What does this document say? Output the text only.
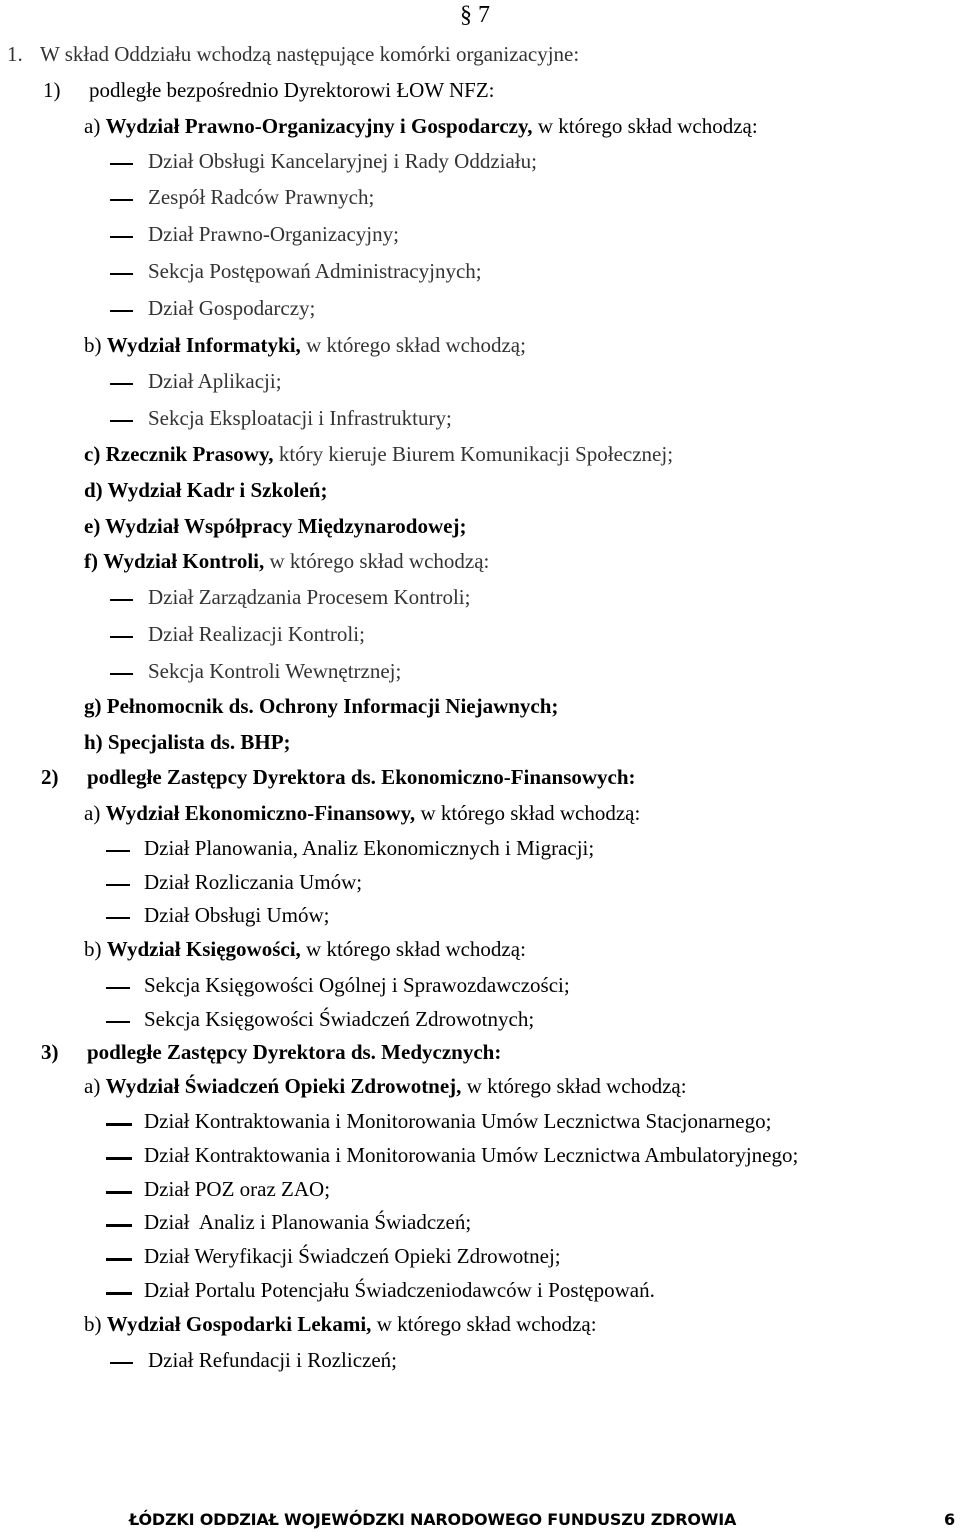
§ 7
1. W skład Oddziału wchodzą następujące komórki organizacyjne:
1) podległe bezpośrednio Dyrektorowi ŁOW NFZ:
a) Wydział Prawno-Organizacyjny i Gospodarczy, w którego skład wchodzą:
Dział Obsługi Kancelaryjnej i Rady Oddziału;
Zespół Radców Prawnych;
Dział Prawno-Organizacyjny;
Sekcja Postępowań Administracyjnych;
Dział Gospodarczy;
b) Wydział Informatyki, w którego skład wchodzą;
Dział Aplikacji;
Sekcja Eksploatacji i Infrastruktury;
c) Rzecznik Prasowy, który kieruje Biurem Komunikacji Społecznej;
d) Wydział Kadr i Szkoleń;
e) Wydział Współpracy Międzynarodowej;
f) Wydział Kontroli, w którego skład wchodzą:
Dział Zarządzania Procesem Kontroli;
Dział Realizacji Kontroli;
Sekcja Kontroli Wewnętrznej;
g) Pełnomocnik ds. Ochrony Informacji Niejawnych;
h) Specjalista ds. BHP;
2) podległe Zastępcy Dyrektora ds. Ekonomiczno-Finansowych:
a) Wydział Ekonomiczno-Finansowy, w którego skład wchodzą:
Dział Planowania, Analiz Ekonomicznych i Migracji;
Dział Rozliczania Umów;
Dział Obsługi Umów;
b) Wydział Księgowości, w którego skład wchodzą:
Sekcja Księgowości Ogólnej i Sprawozdawczości;
Sekcja Księgowości Świadczeń Zdrowotnych;
3) podległe Zastępcy Dyrektora ds. Medycznych:
a) Wydział Świadczeń Opieki Zdrowotnej, w którego skład wchodzą:
Dział Kontraktowania i Monitorowania Umów Lecznictwa Stacjonarnego;
Dział Kontraktowania i Monitorowania Umów Lecznictwa Ambulatoryjnego;
Dział POZ oraz ZAO;
Dział  Analiz i Planowania Świadczeń;
Dział Weryfikacji Świadczeń Opieki Zdrowotnej;
Dział Portalu Potencjału Świadczeniodawców i Postępowań.
b) Wydział Gospodarki Lekami, w którego skład wchodzą:
Dział Refundacji i Rozliczeń;
ŁÓDZKI ODDZIAŁ WOJEWÓDZKI NARODOWEGO FUNDUSZU ZDROWIA	6
